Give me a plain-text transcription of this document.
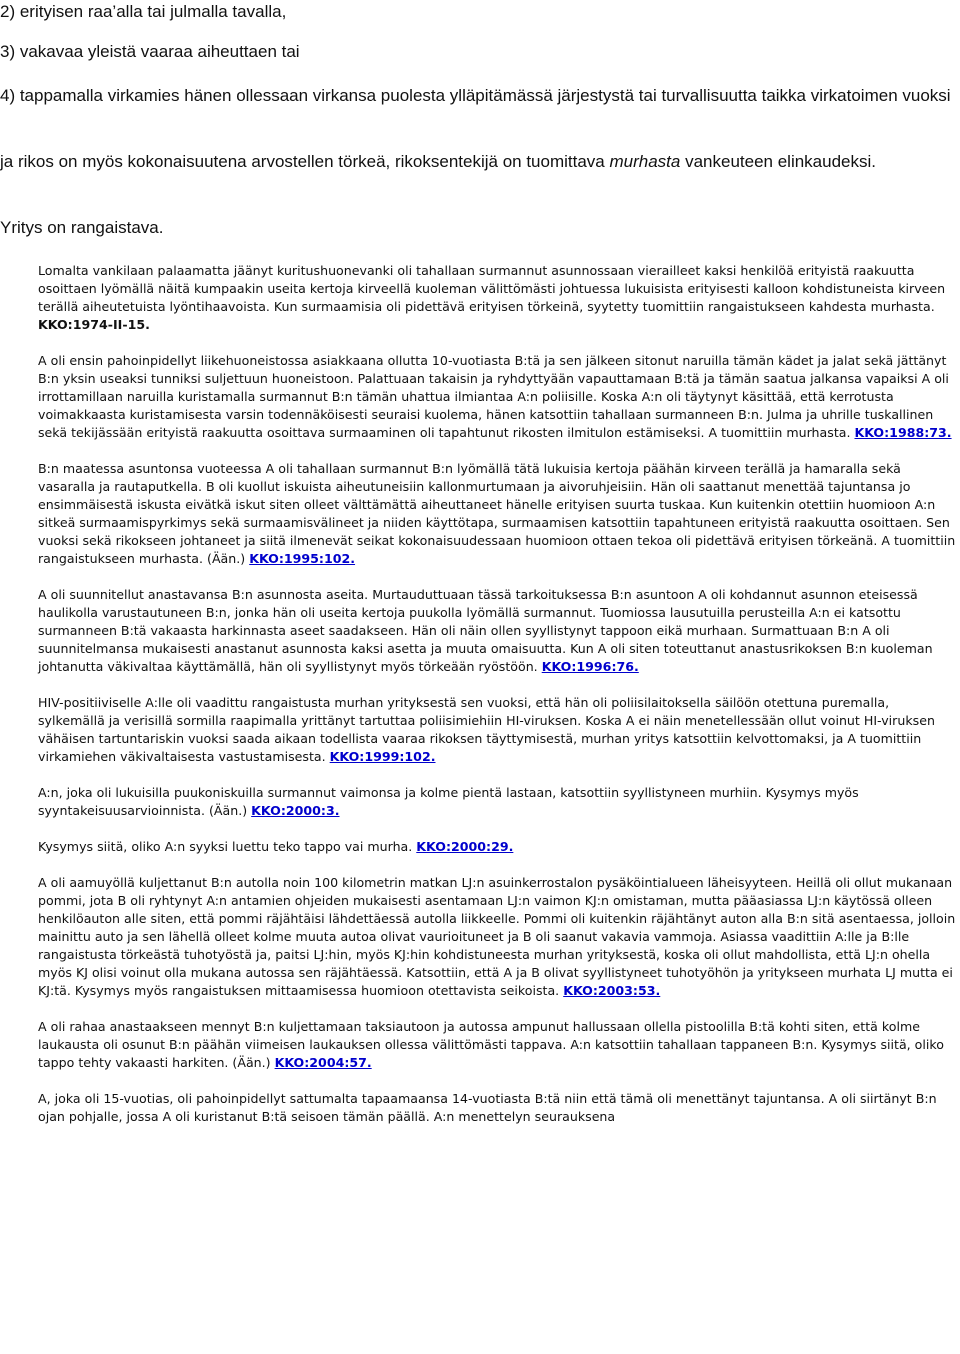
2) erityisen raa’alla tai julmalla tavalla,

3) vakavaa yleistä vaaraa aiheuttaen tai

4) tappamalla virkamies hänen ollessaan virkansa puolesta ylläpitämässä järjestystä tai turvallisuutta taikka virkatoimen vuoksi

ja rikos on myös kokonaisuutena arvostellen törkeä, rikoksentekijä on tuomittava murhasta vankeuteen elinkaudeksi.

Yritys on rangaistava.

Lomalta vankilaan palaamatta jäänyt kuritushuonevanki oli tahallaan surmannut asunnossaan vierailleet kaksi henkilöä erityistä raakuutta osoittaen lyömällä näitä kumpaakin useita kertoja kirveellä kuoleman välittömästi johtuessa lukuisista erityisesti kalloon kohdistuneista kirveen terällä aiheutetuista lyöntihaavoista. Kun surmaamisia oli pidettävä erityisen törkeinä, syytetty tuomittiin rangaistukseen kahdesta murhasta. KKO:1974-II-15.

A oli ensin pahoinpidellyt liikehuoneistossa asiakkaana ollutta 10-vuotiasta B:tä ja sen jälkeen sitonut naruilla tämän kädet ja jalat sekä jättänyt B:n yksin useaksi tunniksi suljettuun huoneistoon. Palattuaan takaisin ja ryhdyttyään vapauttamaan B:tä ja tämän saatua jalkansa vapaiksi A oli irrottamillaan naruilla kuristamalla surmannut B:n tämän uhattua ilmiantaa A:n poliisille. Koska A:n oli täytynyt käsittää, että kerrotusta voimakkaasta kuristamisesta varsin todennäköisesti seuraisi kuolema, hänen katsottiin tahallaan surmanneen B:n. Julma ja uhrille tuskallinen sekä tekijässään erityistä raakuutta osoittava surmaaminen oli tapahtunut rikosten ilmitulon estämiseksi. A tuomittiin murhasta. KKO:1988:73.

B:n maatessa asuntonsa vuoteessa A oli tahallaan surmannut B:n lyömällä tätä lukuisia kertoja päähän kirveen terällä ja hamaralla sekä vasaralla ja rautaputkella. B oli kuollut iskuista aiheutuneisiin kallonmurtumaan ja aivoruhjeisiin. Hän oli saattanut menettää tajuntansa jo ensimmäisestä iskusta eivätkä iskut siten olleet välttämättä aiheuttaneet hänelle erityisen suurta tuskaa. Kun kuitenkin otettiin huomioon A:n sitkeä surmaamispyrkimys sekä surmaamisvälineet ja niiden käyttötapa, surmaamisen katsottiin tapahtuneen erityistä raakuutta osoittaen. Sen vuoksi sekä rikokseen johtaneet ja siitä ilmenevät seikat kokonaisuudessaan huomioon ottaen tekoa oli pidettävä erityisen törkeänä. A tuomittiin rangaistukseen murhasta. (Ään.) KKO:1995:102.

A oli suunnitellut anastavansa B:n asunnosta aseita. Murtauduttuaan tässä tarkoituksessa B:n asuntoon A oli kohdannut asunnon eteisessä haulikolla varustautuneen B:n, jonka hän oli useita kertoja puukolla lyömällä surmannut. Tuomiossa lausutuilla perusteilla A:n ei katsottu surmanneen B:tä vakaasta harkinnasta aseet saadakseen. Hän oli näin ollen syyllistynyt tappoon eikä murhaan. Surmattuaan B:n A oli suunnitelmansa mukaisesti anastanut asunnosta kaksi asetta ja muuta omaisuutta. Kun A oli siten toteuttanut anastusrikoksen B:n kuoleman johtanutta väkivaltaa käyttämällä, hän oli syyllistynyt myös törkeään ryöstöön. KKO:1996:76.

HIV-positiiviselle A:lle oli vaadittu rangaistusta murhan yrityksestä sen vuoksi, että hän oli poliisilaitoksella säilöön otettuna puremalla, sylkemällä ja verisillä sormilla raapimalla yrittänyt tartuttaa poliisimiehiin HI-viruksen. Koska A ei näin menetellessään ollut voinut HI-viruksen vähäisen tartuntariskin vuoksi saada aikaan todellista vaaraa rikoksen täyttymisestä, murhan yritys katsottiin kelvottomaksi, ja A tuomittiin virkamiehen väkivaltaisesta vastustamisesta. KKO:1999:102.

A:n, joka oli lukuisilla puukoniskuilla surmannut vaimonsa ja kolme pientä lastaan, katsottiin syyllistyneen murhiin. Kysymys myös syyntakeisuusarvioinnista. (Ään.) KKO:2000:3.

Kysymys siitä, oliko A:n syyksi luettu teko tappo vai murha. KKO:2000:29.

A oli aamuyöllä kuljettanut B:n autolla noin 100 kilometrin matkan LJ:n asuinkerrostalon pysäköintialueen läheisyyteen. Heillä oli ollut mukanaan pommi, jota B oli ryhtynyt A:n antamien ohjeiden mukaisesti asentamaan LJ:n vaimon KJ:n omistaman, mutta pääasiassa LJ:n käytössä olleen henkilöauton alle siten, että pommi räjähtäisi lähdettäessä autolla liikkeelle. Pommi oli kuitenkin räjähtänyt auton alla B:n sitä asentaessa, jolloin mainittu auto ja sen lähellä olleet kolme muuta autoa olivat vaurioituneet ja B oli saanut vakavia vammoja. Asiassa vaadittiin A:lle ja B:lle rangaistusta törkeästä tuhotyöstä ja, paitsi LJ:hin, myös KJ:hin kohdistuneesta murhan yrityksestä, koska oli ollut mahdollista, että LJ:n ohella myös KJ olisi voinut olla mukana autossa sen räjähtäessä. Katsottiin, että A ja B olivat syyllistyneet tuhotyöhön ja yritykseen murhata LJ mutta ei KJ:tä. Kysymys myös rangaistuksen mittaamisessa huomioon otettavista seikoista. KKO:2003:53.

A oli rahaa anastaakseen mennyt B:n kuljettamaan taksiautoon ja autossa ampunut hallussaan ollella pistoolilla B:tä kohti siten, että kolme laukausta oli osunut B:n päähän viimeisen laukauksen ollessa välittömästi tappava. A:n katsottiin tahallaan tappaneen B:n. Kysymys siitä, oliko tappo tehty vakaasti harkiten. (Ään.) KKO:2004:57.

A, joka oli 15-vuotias, oli pahoinpidellyt sattumalta tapaamaansa 14-vuotiasta B:tä niin että tämä oli menettänyt tajuntansa. A oli siirtänyt B:n ojan pohjalle, jossa A oli kuristanut B:tä seisoen tämän päällä. A:n menettelyn seurauksena
